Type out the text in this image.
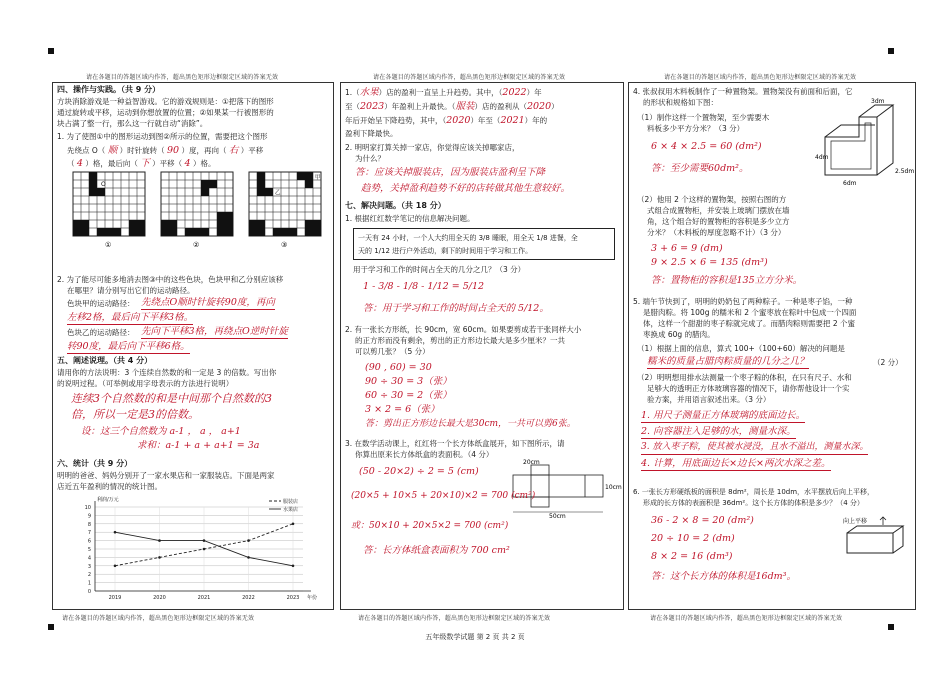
请在各题目的答题区域内作答，超出黑色矩形边框限定区域的答案无效	请在各题目的答题区域内作答，超出黑色矩形边框限定区域的答案无效	请在各题目的答题区域内作答，超出黑色矩形边框限定区域的答案无效
四、操作与实践。（共 9 分）
方块消除游戏是一种益智游戏。它的游戏规则是：①把落下的图形
通过旋转或平移，运动到你想放置的位置；②如果某一行被图形的
块占满了整一行，那么这一行就自动“消除”。
1. 为了使图①中的图形运动到图②所示的位置，需要把这个图形
先绕点 O（ 顺 ）时针旋转（ 90 ）度，再向（ 右 ）平移
（ 4 ）格，最后向（ 下 ）平移（ 4 ）格。
O
甲
乙
①	②	③
2. 为了能尽可能多地消去图③中的这些色块，色块甲和乙分别应该移
在哪里？请分别写出它们的运动路径。
色块甲的运动路径： 先绕点O顺时针旋转90度，再向
左移2格，最后向下平移3格。
色块乙的运动路径： 先向下平移3格，再绕点O逆时针旋
转90度，最后向下平移6格。
五、阐述说理。（共 4 分）
请用你的方法说明：3 个连续自然数的和一定是 3 的倍数。写出你
的说明过程。（可举例或用字母表示的方法进行说明）
连续3个自然数的和是中间那个自然数的3
倍，所以一定是3的倍数。
设：这三个自然数为 a-1 ， a ， a+1
求和：a-1 + a + a+1 = 3a
六、统计（共 9 分）
明明的爸爸、妈妈分别开了一家水果店和一家服装店。下面是两家
店近五年盈利的情况的统计图。
0
1
2
3
4
5
6
7
8
9
10
2019	2020	2021	2022	2023
利润/万元
年份
服装店
水果店
1.（水果）店的盈利一直呈上升趋势。其中，（2022）年
至（2023）年盈利上升最快。（服装）店的盈利从（2020）
年后开始呈下降趋势，其中，（2020）年至（2021）年的
盈利下降最快。
2. 明明家打算关掉一家店，你觉得应该关掉哪家店，
为什么？
答：应该关掉服装店，因为服装店盈利呈下降
趋势，关掉盈利趋势不好的店转做其他生意较好。
七、解决问题。（共 18 分）
1. 根据红红数学笔记的信息解决问题。
一天有 24 小时，一个人大约用全天的 3/8 睡眠，用全天 1/8 进餐，全
天的 1/12 进行户外活动，剩下的时间用于学习和工作。
用于学习和工作的时间占全天的几分之几？（3 分）
1 - 3/8 - 1/8 - 1/12 = 5/12
答：用于学习和工作的时间占全天的 5/12。
2. 有一张长方形纸，长 90cm，宽 60cm。如果要剪成若干张同样大小
的正方形而没有剩余，剪出的正方形边长最大是多少厘米？一共
可以剪几张？（5 分）
(90 , 60) = 30
90 ÷ 30 = 3（张）
60 ÷ 30 = 2（张）
3 × 2 = 6（张）
答：剪出正方形边长最大是30cm，一共可以剪6张。
3. 在数学活动课上，红红将一个长方体纸盒展开，如下图所示，请
你算出原来长方体纸盒的表面积。（4 分）
20cm
50cm
10cm
(50 - 20×2) ÷ 2 = 5 (cm)
(20×5 + 10×5 + 20×10)×2 = 700 (cm²)
或：50×10 + 20×5×2 = 700 (cm²)
答：长方体纸盒表面积为 700 cm²
4. 张叔叔用木料板制作了一种置物架。置物架没有前面和后面，它
的形状和规格如下图：
（1）制作这样一个置物架，至少需要木
料板多少平方分米？（3 分）
6 × 4 × 2.5 = 60 (dm²)
答：至少需要60dm²。
3dm
6dm
2.5dm
4dm
（2）他用 2 个这样的置物架，按照右图的方
式组合成置物柜，并安装上玻璃门摆放在墙
角，这个组合好的置物柜的容积是多少立方
分米？（木料板的厚度忽略不计）（3 分）
3 + 6 = 9 (dm)
9 × 2.5 × 6 = 135 (dm³)
答：置物柜的容积是135立方分米。
5. 端午节快到了，明明的奶奶包了两种粽子。一种是枣子馅，一种
是腊肉粽。将 100g 的糯米和 2 个蜜枣放在粽叶中包成一个四面
体，这样一个甜甜的枣子粽就完成了。而腊肉粽则需要把 2 个蜜
枣换成 60g 的腊肉。
（1）根据上面的信息，算式 100+（100+60）解决的问题是
糯米的质量占腊肉粽质量的几分之几？	（2 分）
（2）明明想用排水法测量一个枣子粽的体积，在只有尺子、水和
足够大的透明正方体玻璃容器的情况下，请你帮他设计一个实
验方案，并用语言叙述出来。（3 分）
1. 用尺子测量正方体玻璃的底面边长。
2. 向容器注入足够的水，测量水深。
3. 放入枣子粽，使其被水浸没，且水不溢出，测量水深。
4. 计算，用底面边长×边长×两次水深之差。
6. 一张长方形硬纸板的面积是 8dm²，周长是 10dm，水平摆放后向上平移，
形成的长方体的表面积是 36dm²。这个长方体的体积是多少？（4 分）
向上平移
36 - 2 × 8 = 20 (dm²)
20 ÷ 10 = 2 (dm)
8 × 2 = 16 (dm³)
答：这个长方体的体积是16dm³。
请在各题目的答题区域内作答，超出黑色矩形边框限定区域的答案无效	请在各题目的答题区域内作答，超出黑色矩形边框限定区域的答案无效	请在各题目的答题区域内作答，超出黑色矩形边框限定区域的答案无效
五年级数学试题 第 2 页 共 2 页
